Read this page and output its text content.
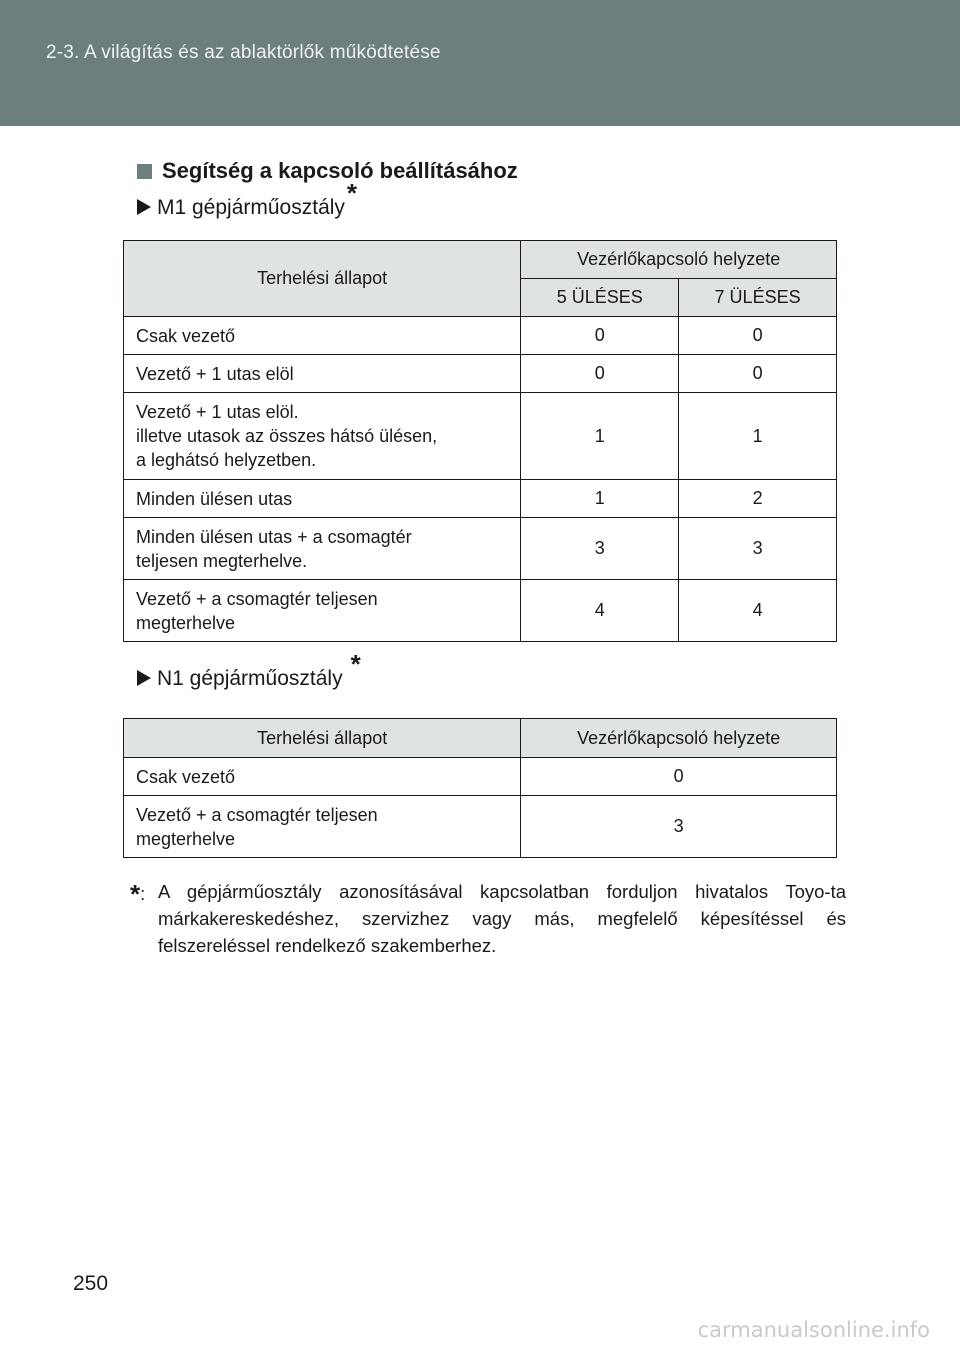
2-3. A világítás és az ablaktörlők működtetése
Segítség a kapcsoló beállításához
M1 gépjárműosztály *
Terhelési állapot	Vezérlőkapcsoló helyzete	
	5 ÜLÉSES	7 ÜLÉSES

Csak vezető	0	0

Vezető + 1 utas elöl	0	0

Vezető + 1 utas elöl.
illetve utasok az összes hátsó ülésen,
a leghátsó helyzetben.	1	1

Minden ülésen utas	1	2

Minden ülésen utas + a csomagtér
teljesen megterhelve.	3	3

Vezető + a csomagtér teljesen
megterhelve	4	4
N1 gépjárműosztály *
Terhelési állapot	Vezérlőkapcsoló helyzete

Csak vezető	0

Vezető + a csomagtér teljesen
megterhelve	3
*: A gépjárműosztály azonosításával kapcsolatban forduljon hivatalos Toyo-ta márkakereskedéshez, szervizhez vagy más, megfelelő képesítéssel és felszereléssel rendelkező szakemberhez.
250
carmanualsonline.info
